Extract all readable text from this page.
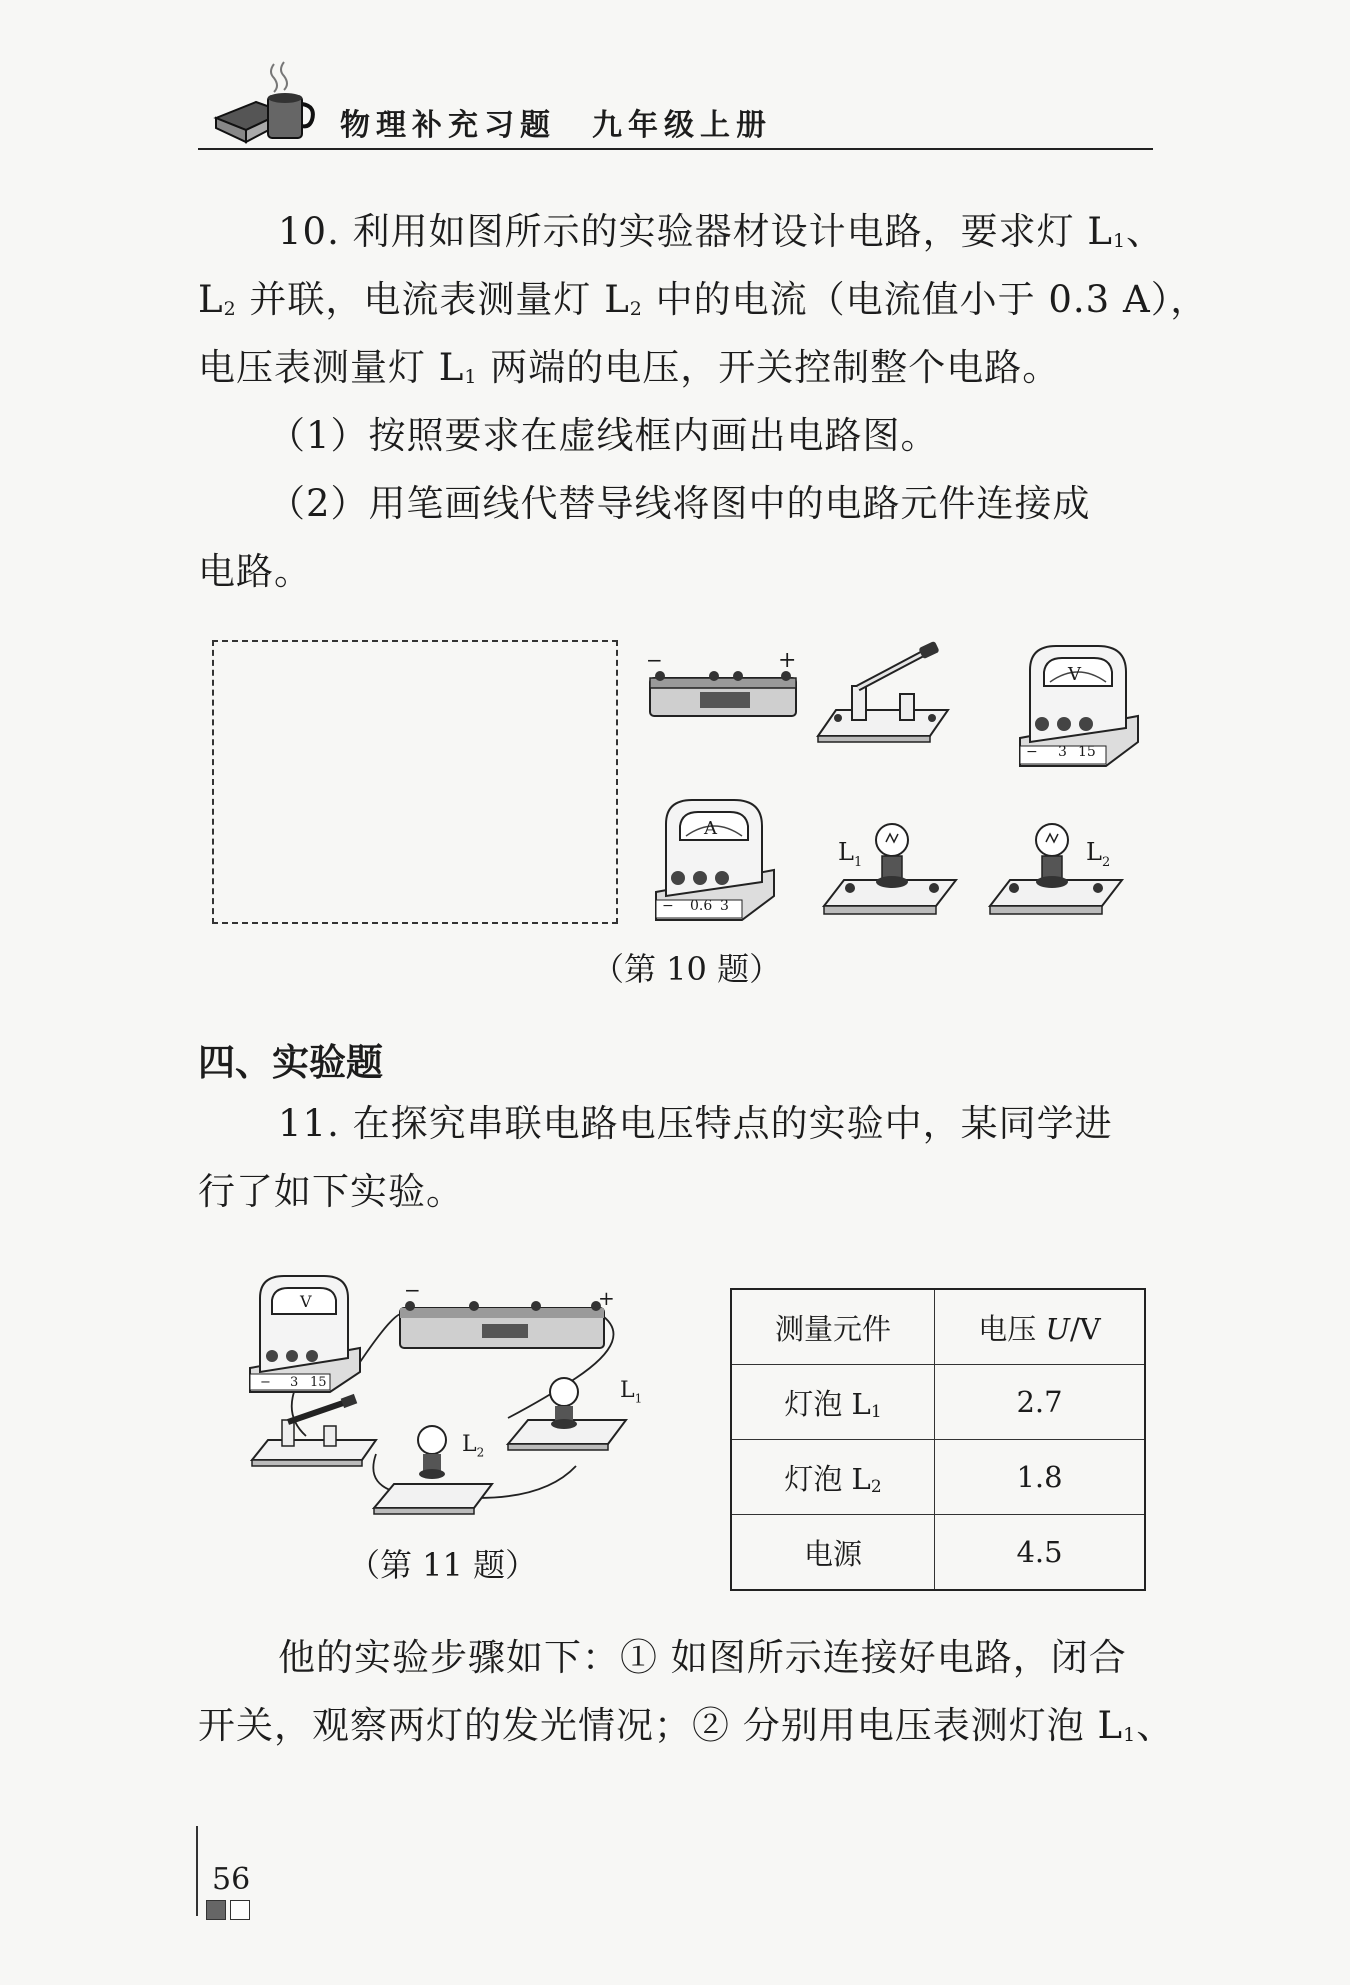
物理补充习题　九年级上册
10. 利用如图所示的实验器材设计电路，要求灯 $L_1$、
$L_2$ 并联，电流表测量灯 $L_2$ 中的电流（电流值小于 0.3 A），
电压表测量灯 $L_1$ 两端的电压，开关控制整个电路。
（1）按照要求在虚线框内画出电路图。
（2）用笔画线代替导线将图中的电路元件连接成
电路。
−	+
V
− 3 15
A
− 0.6 3
$L_1$	$L_2$
（第 10 题）
四、实验题
11. 在探究串联电路电压特点的实验中，某同学进
行了如下实验。
V
− 3 15
−	+
$L_1$
$L_2$
（第 11 题）
测量元件	电压 U/V
灯泡 $L_1$	2.7
灯泡 $L_2$	1.8
电源	4.5
他的实验步骤如下：① 如图所示连接好电路，闭合
开关，观察两灯的发光情况；② 分别用电压表测灯泡 $L_1$、
56
